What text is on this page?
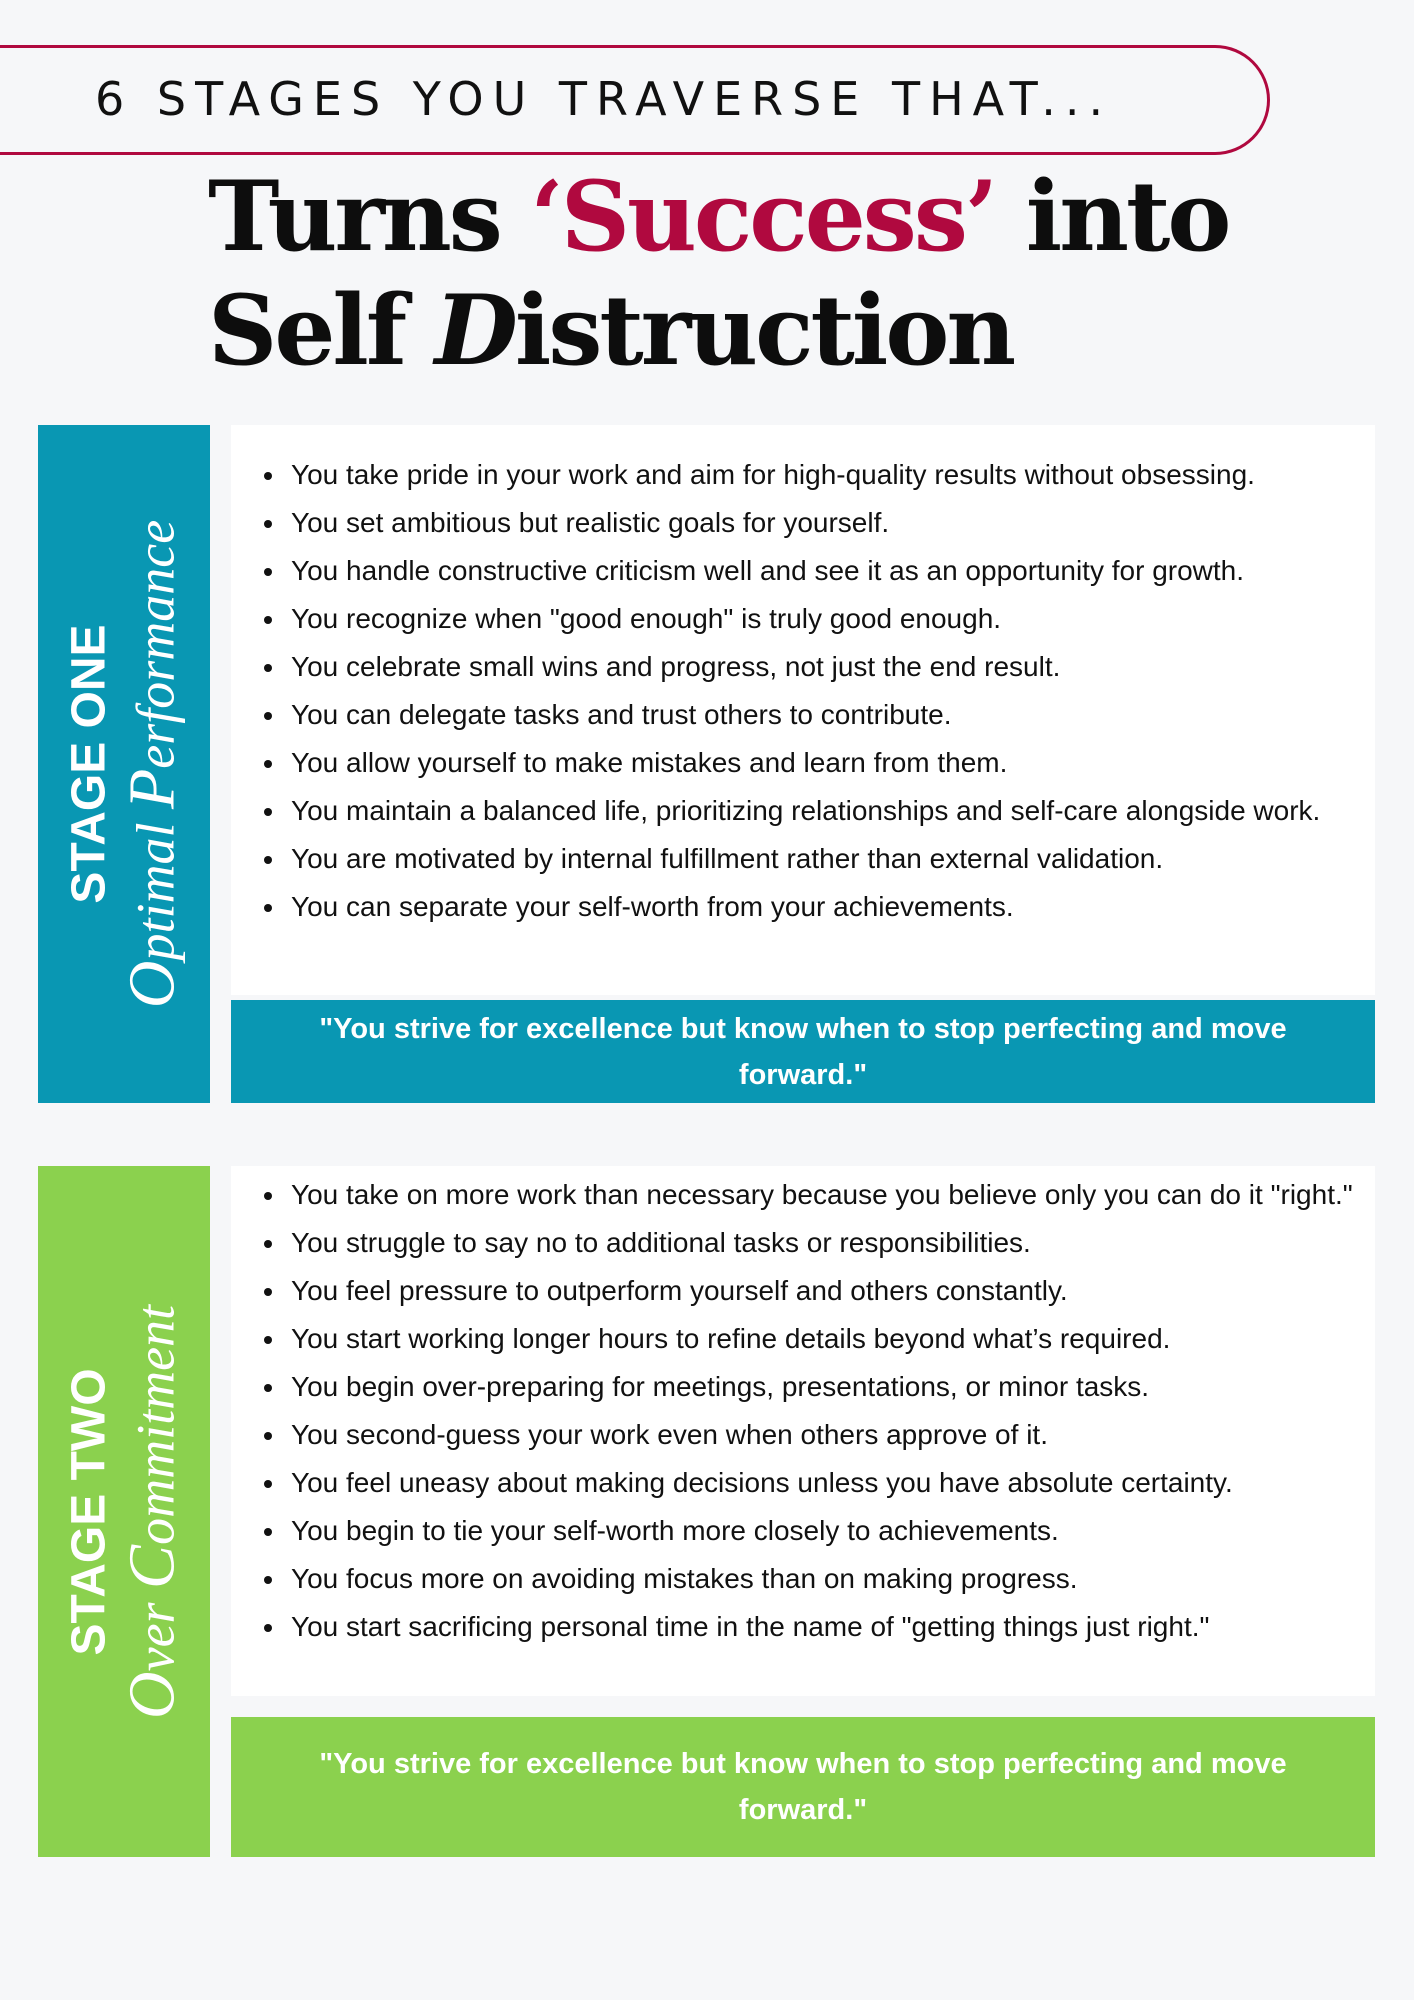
6 STAGES YOU TRAVERSE THAT...
Turns ‘Success’ into
Self Distruction
STAGE ONE
Optimal Performance
• You take pride in your work and aim for high-quality results without obsessing.
• You set ambitious but realistic goals for yourself.
• You handle constructive criticism well and see it as an opportunity for growth.
• You recognize when "good enough" is truly good enough.
• You celebrate small wins and progress, not just the end result.
• You can delegate tasks and trust others to contribute.
• You allow yourself to make mistakes and learn from them.
• You maintain a balanced life, prioritizing relationships and self-care alongside work.
• You are motivated by internal fulfillment rather than external validation.
• You can separate your self-worth from your achievements.
"You strive for excellence but know when to stop perfecting and move forward."
STAGE TWO
Over Commitment
• You take on more work than necessary because you believe only you can do it "right."
• You struggle to say no to additional tasks or responsibilities.
• You feel pressure to outperform yourself and others constantly.
• You start working longer hours to refine details beyond what’s required.
• You begin over-preparing for meetings, presentations, or minor tasks.
• You second-guess your work even when others approve of it.
• You feel uneasy about making decisions unless you have absolute certainty.
• You begin to tie your self-worth more closely to achievements.
• You focus more on avoiding mistakes than on making progress.
• You start sacrificing personal time in the name of "getting things just right."
"You strive for excellence but know when to stop perfecting and move forward."
